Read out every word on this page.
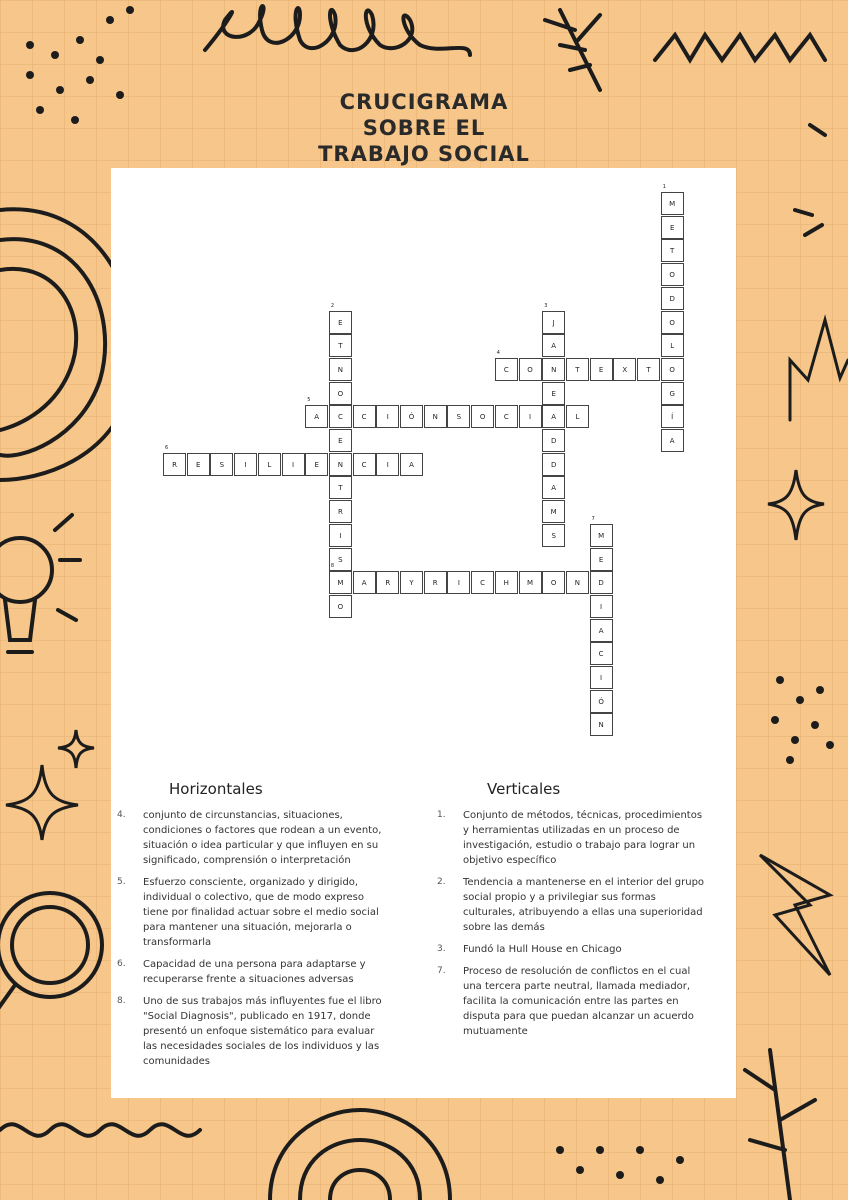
CRUCIGRAMA
SOBRE EL
TRABAJO SOCIAL
M
1
E
T
O
D
O
L
O
G
Í
A
E
2
T
N
O
C
E
N
T
R
I
S
M
8
O
J
3
A
N
E
A
D
D
A
M
S
C
4
O	T	E	X	T
A
5
C	I	Ó	N	S	O	C	I	L
R
6
E	S	I	L	I	E	C	I	A
M
7
E
D
I
A
C
I
Ó
N
A	R	Y	R	I	C	H	M	O	N
Horizontales	Verticales
4. conjunto de circunstancias, situaciones, condiciones o factores que rodean a un evento, situación o idea particular y que influyen en su significado, comprensión o interpretación
5. Esfuerzo consciente, organizado y dirigido, individual o colectivo, que de modo expreso tiene por finalidad actuar sobre el medio social para mantener una situación, mejorarla o transformarla
6. Capacidad de una persona para adaptarse y recuperarse frente a situaciones adversas
8. Uno de sus trabajos más influyentes fue el libro "Social Diagnosis", publicado en 1917, donde presentó un enfoque sistemático para evaluar las necesidades sociales de los individuos y las comunidades
1. Conjunto de métodos, técnicas, procedimientos y herramientas utilizadas en un proceso de investigación, estudio o trabajo para lograr un objetivo específico
2. Tendencia a mantenerse en el interior del grupo social propio y a privilegiar sus formas culturales, atribuyendo a ellas una superioridad sobre las demás
3. Fundó la Hull House en Chicago
7. Proceso de resolución de conflictos en el cual una tercera parte neutral, llamada mediador, facilita la comunicación entre las partes en disputa para que puedan alcanzar un acuerdo mutuamente
